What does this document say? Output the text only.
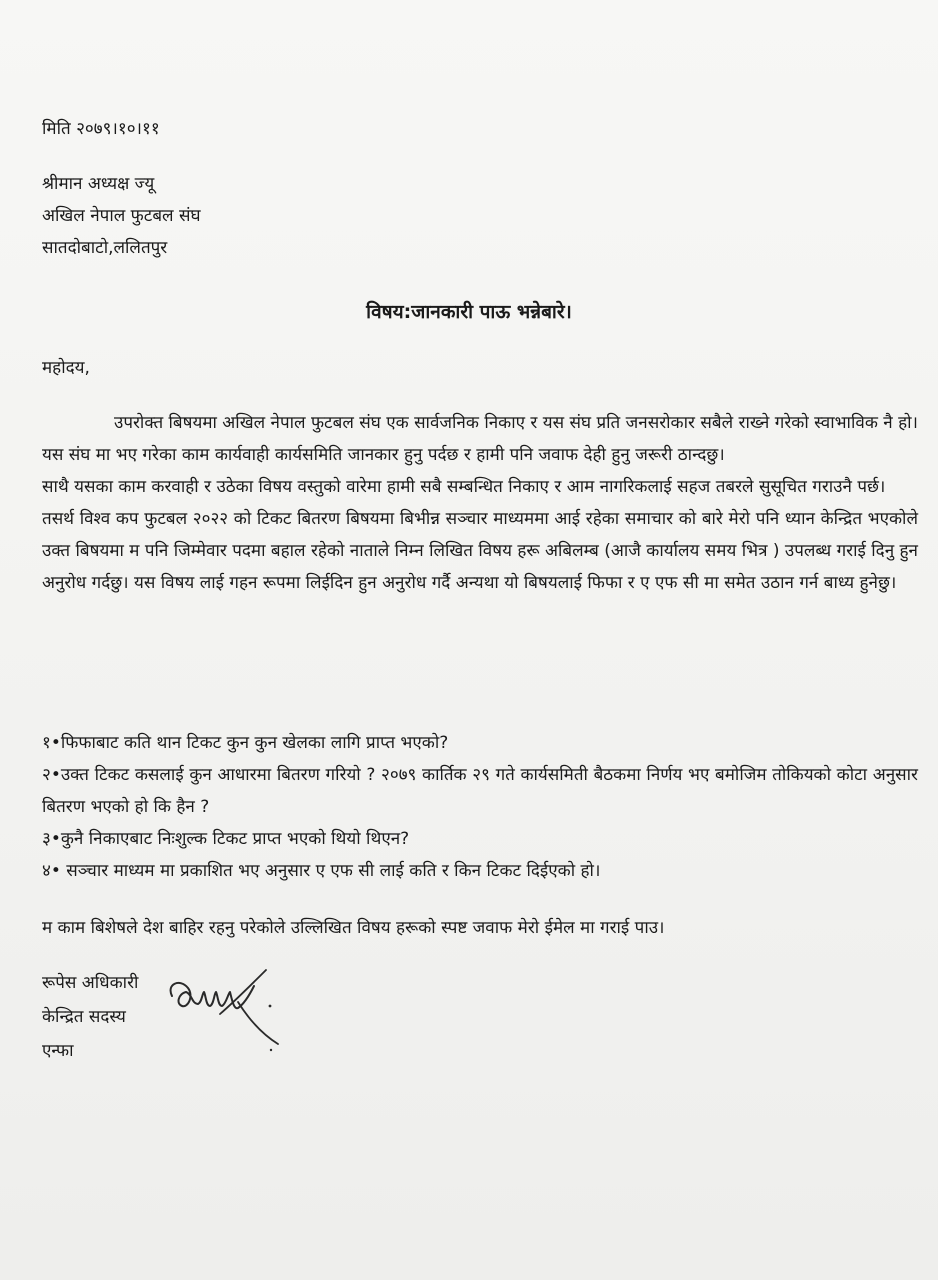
मिति २०७९।१०।११
श्रीमान अध्यक्ष ज्यू
अखिल नेपाल फुटबल संघ
सातदोबाटो,ललितपुर
विषय:जानकारी पाऊ भन्नेबारे।
महोदय,

उपरोक्त बिषयमा अखिल नेपाल फुटबल संघ एक सार्वजनिक निकाए र यस संघ प्रति जनसरोकार सबैले राख्ने गरेको स्वाभाविक नै हो।यस संघ मा भए गरेका काम कार्यवाही कार्यसमिति जानकार हुनु पर्दछ र हामी पनि जवाफ देही हुनु जरूरी ठान्दछु।

साथै यसका काम करवाही र उठेका विषय वस्तुको वारेमा हामी सबै सम्बन्धित निकाए र आम नागरिकलाई सहज तबरले सुसूचित गराउनै पर्छ।

तसर्थ विश्व कप फुटबल २०२२ को टिकट बितरण बिषयमा बिभीन्न सञ्चार माध्यममा आई रहेका समाचार को बारे मेरो पनि ध्यान केन्द्रित भएकोले उक्त बिषयमा म पनि जिम्मेवार पदमा बहाल रहेको नाताले निम्न लिखित विषय हरू अबिलम्ब (आजै कार्यालय समय भित्र ) उपलब्ध गराई दिनु हुन अनुरोध गर्दछु। यस विषय लाई गहन रूपमा लिईदिन हुन अनुरोध गर्दै अन्यथा यो बिषयलाई फिफा र ए एफ सी मा समेत उठान गर्न बाध्य हुनेछु।

१•फिफाबाट कति थान टिकट कुन कुन खेलका लागि प्राप्त भएको?
२•उक्त टिकट कसलाई कुन आधारमा बितरण गरियो ? २०७९ कार्तिक २९ गते कार्यसमिती बैठकमा निर्णय भए बमोजिम तोकियको कोटा अनुसार बितरण भएको हो कि हैन ?
३•कुनै निकाएबाट निःशुल्क टिकट प्राप्त भएको थियो थिएन?
४• सञ्चार माध्यम मा प्रकाशित भए अनुसार ए एफ सी लाई कति र किन टिकट दिईएको हो।
म काम बिशेषले देश बाहिर रहनु परेकोले उल्लिखित विषय हरूको स्पष्ट जवाफ मेरो ईमेल मा गराई पाउ।
रूपेस अधिकारी
केन्द्रित सदस्य
एन्फा
